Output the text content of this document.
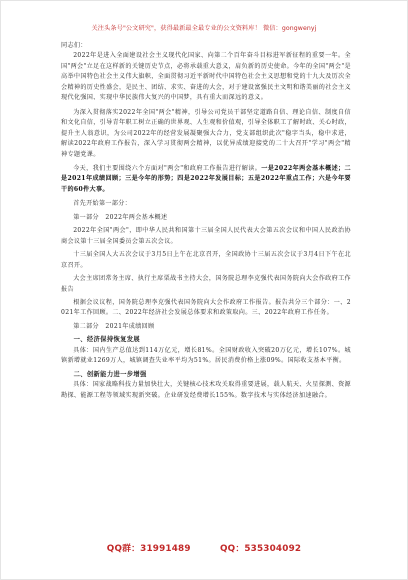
关注头条号"公文研究"，获得最新最全最专业的公文资料库！ 微信：gongwenyj

同志们：

2022年是进入全面建设社会主义现代化国家、向第二个百年奋斗目标进军新征程的重要一年。全国"两会"立足在这样新的关键历史节点，必将承载重大意义，肩负新的历史使命。今年的全国"两会"是高举中国特色社会主义伟大旗帜，全面贯彻习近平新时代中国特色社会主义思想和党的十九大及历次全会精神的历史性盛会，是民主、团结、求实、奋进的大会，对于建设富强民主文明和谐美丽的社会主义现代化强国、实现中华民族伟大复兴的中国梦，具有重大而深远的意义。

为深入贯彻落实2022年全国"两会"精神，引导公司党员干部坚定道路自信、理论自信、制度自信和文化自信，引导青年职工树立正确的世界观、人生观和价值观，引导全体职工了解时政、关心时政，提升主人翁意识，为公司2022年的经营发展凝聚强大合力，党支部组织此次"稳字当头，稳中求进，解读2022年政府工作报告，深入学习贯彻两会精神，以优异成绩迎接党的二十大召开"学习"两会"精神专题党课。

今天，我们主要围绕六个方面对"两会"和政府工作报告进行解读。一是2022年两会基本概述；二是2021年成绩回顾；三是今年的形势；四是2022年发展目标；五是2022年重点工作；六是今年要干的60件大事。

首先开始第一部分：

第一部分　2022年两会基本概述

2022年全国"两会"，即中华人民共和国第十三届全国人民代表大会第五次会议和中国人民政治协商会议第十三届全国委员会第五次会议。

十三届全国人大五次会议于3月5日上午在北京召开，全国政协十三届五次会议于3月4日下午在北京召开。

大会主席团常务主席、执行主席栗战书主持大会，国务院总理李克强代表国务院向大会作政府工作报告

根据会议议程，国务院总理李克强代表国务院向大会作政府工作报告。报告共分三个部分：一、2021年工作回顾。二、2022年经济社会发展总体要求和政策取向。三、2022年政府工作任务。

第二部分　2021年成绩回顾

一、经济保持恢复发展

具体：国内生产总值达到114万亿元，增长81%。全国财政收入突破20万亿元，增长107%。城镇新增就业1269万人，城镇调查失业率平均为51%。居民消费价格上涨09%。国际收支基本平衡。

二、创新能力进一步增强

具体：国家战略科技力量加快壮大，关键核心技术攻关取得重要进展，载人航天、火星探测、资源勘探、能源工程等领域实现新突破。企业研发经费增长155%。数字技术与实体经济加速融合。

QQ群：31991489	QQ：535304092
